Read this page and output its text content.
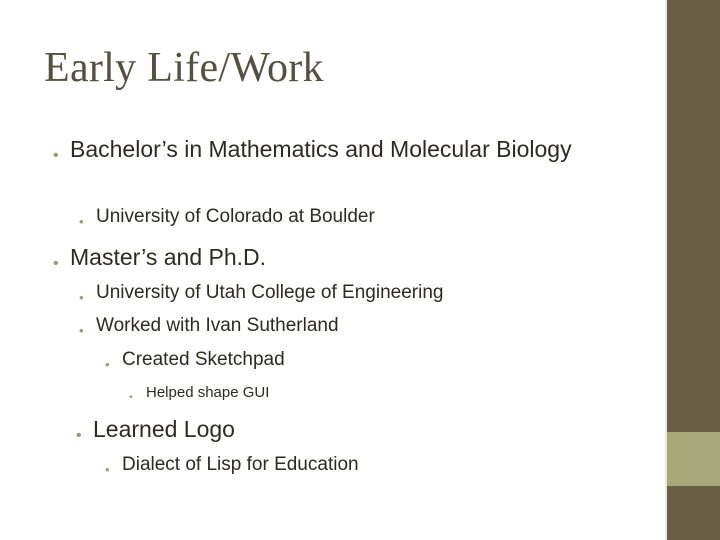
Early Life/Work
• Bachelor’s in Mathematics and Molecular Biology
• University of Colorado at Boulder
• Master’s and Ph.D.
• University of Utah College of Engineering
• Worked with Ivan Sutherland
• Created Sketchpad
• Helped shape GUI
• Learned Logo
• Dialect of Lisp for Education
